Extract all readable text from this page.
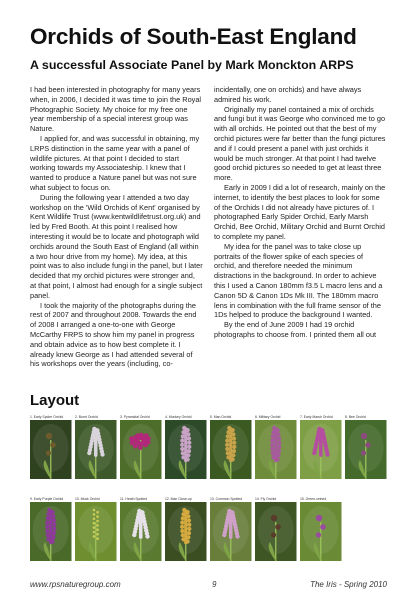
Orchids of South-East England
A successful Associate Panel by Mark Monckton ARPS

I had been interested in photography for many years when, in 2006, I decided it was time to join the Royal Photographic Society. My choice for my free one year membership of a special interest group was Nature.

I applied for, and was successful in obtaining, my LRPS distinction in the same year with a panel of wildlife pictures. At that point I decided to start working towards my Associateship. I knew that I wanted to produce a Nature panel but was not sure what subject to focus on.

During the following year I attended a two day workshop on the 'Wild Orchids of Kent' organised by Kent Wildlife Trust (www.kentwildlifetrust.org.uk) and led by Fred Booth. At this point I realised how interesting it would be to locate and photograph wild orchids around the South East of England (all within a two hour drive from my home). My idea, at this point was to also include fungi in the panel, but I later decided that my orchid pictures were stronger and, at that point, I almost had enough for a single subject panel.

I took the majority of the photographs during the rest of 2007 and throughout 2008. Towards the end of 2008 I arranged a one-to-one with George McCarthy FRPS to show him my panel in progress and obtain advice as to how best complete it. I already knew George as I had attended several of his workshops over the years (including, co-incidentally, one on orchids) and have always admired his work.

Originally my panel contained a mix of orchids and fungi but it was George who convinced me to go with all orchids. He pointed out that the best of my orchid pictures were far better than the fungi pictures and if I could present a panel with just orchids it would be much stronger. At that point I had twelve good orchid pictures so needed to get at least three more.

Early in 2009 I did a lot of research, mainly on the internet, to identify the best places to look for some of the Orchids I did not already have pictures of. I photographed Early Spider Orchid, Early Marsh Orchid, Bee Orchid, Military Orchid and Burnt Orchid to complete my panel.

My idea for the panel was to take close up portraits of the flower spike of each species of orchid, and therefore needed the minimum distractions in the background. In order to achieve this I used a Canon 180mm f3.5 L macro lens and a Canon 5D & Canon 1Ds Mk III. The 180mm macro lens in combination with the full frame sensor of the 1Ds helped to produce the background I wanted.

By the end of June 2009 I had 19 orchid photographs to choose from. I printed them all out

Layout
1. Early Spider Orchid	2. Burnt Orchid	3. Pyramidal Orchid	4. Monkey Orchid	5. Man Orchid	6. Military Orchid	7. Early Marsh Orchid	8. Bee Orchid
9. Early Purple Orchid	10. Musk Orchid	11. Heath Spotted	12. Man Close-up	13. Common Spotted	14. Fly Orchid	15. Green-veined
www.rpsnaturegroup.com	9	The Iris - Spring 2010
